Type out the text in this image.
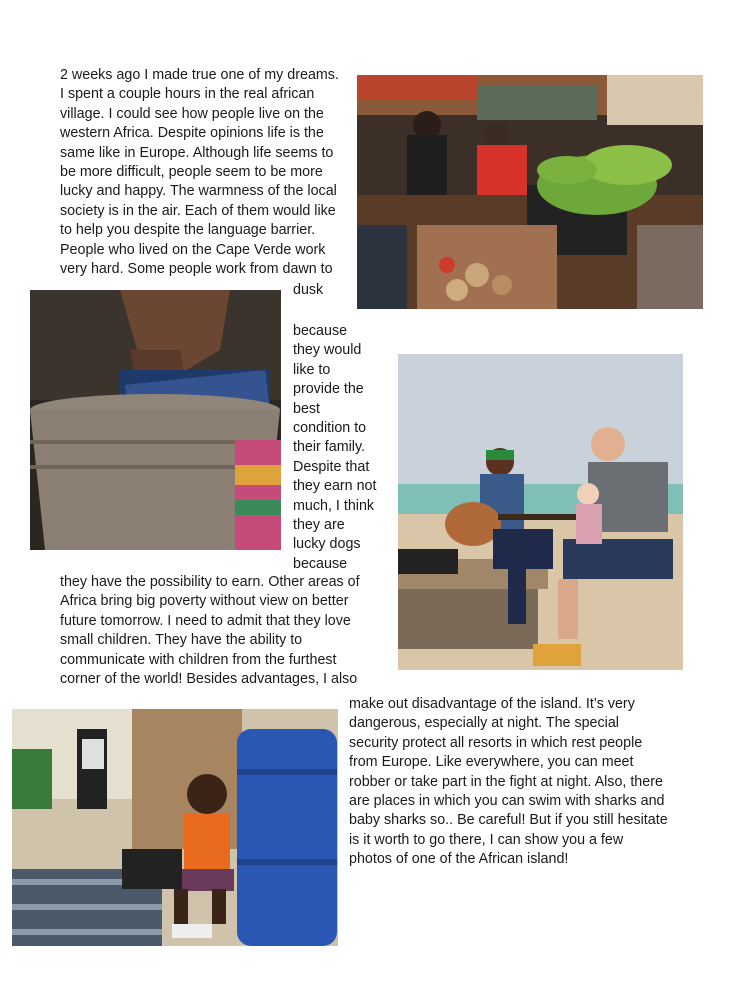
2 weeks ago I made true one of my dreams.
I spent a couple hours in the real african
village. I could see how people live on the
western Africa. Despite opinions life is the
same like in Europe. Although life seems to
be more difficult, people seem to be more
lucky and happy. The warmness of the local
society is in the air. Each of them would like
to help you despite the language barrier.
People who lived on the Cape Verde work
very hard. Some people work from dawn to
dusk
because
they would
like to
provide the
best
condition to
their family.
Despite that
they earn not
much, I think
they are
lucky dogs
because
they have the possibility to earn. Other areas of
Africa bring big poverty without view on better
future tomorrow. I need to admit that they love
small children. They have the ability to
communicate with children from the furthest
corner of the world! Besides advantages, I also
make out disadvantage of the island. It’s very
dangerous, especially at night. The special
security protect all resorts in which rest people
from Europe. Like everywhere, you can meet
robber or take part in the fight at night. Also, there
are places in which you can swim with sharks and
baby sharks so.. Be careful! But if you still hesitate
is it worth to go there, I can show you a few
photos of one of the African island!
